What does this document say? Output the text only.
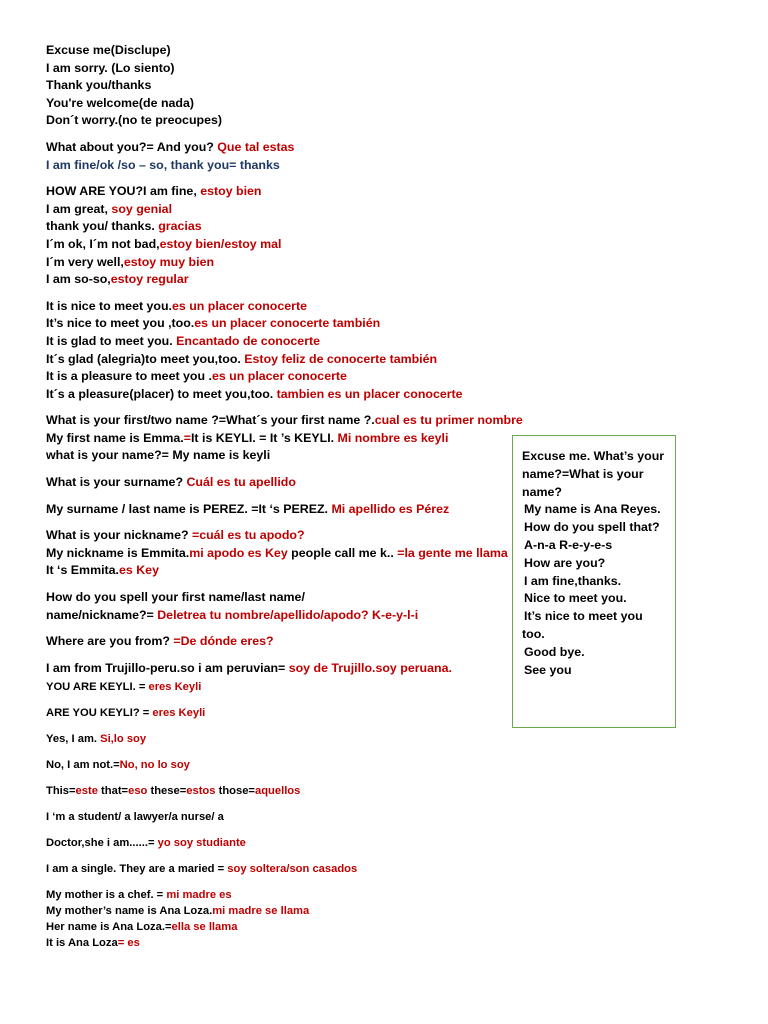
Excuse me(Disclupe)
I am sorry. (Lo siento)
Thank you/thanks
You're welcome(de nada)
Don´t worry.(no te preocupes)
What about you?= And you? Que tal estas
I am fine/ok /so – so, thank you= thanks
HOW ARE YOU?I am fine, estoy bien
I am great, soy genial
thank you/ thanks. gracias
I´m ok, I´m not bad,estoy bien/estoy mal
I´m very well,estoy muy bien
I am so-so,estoy regular
It is nice to meet you.es un placer conocerte
It’s nice to meet you ,too.es un placer conocerte también
It is glad to meet you. Encantado de conocerte
It´s glad (alegria)to meet you,too. Estoy feliz de conocerte también
It is a pleasure to meet you .es un placer conocerte
It´s a pleasure(placer) to meet you,too. tambien es un placer conocerte
What is your first/two name ?=What´s your first name ?.cual es tu primer nombre
My first name is Emma.=It is KEYLI. = It ’s KEYLI. Mi nombre es keyli
what is your name?= My name is keyli
What is your surname? Cuál es tu apellido
My surname / last name is PEREZ. =It ‘s PEREZ. Mi apellido es Pérez
What is your nickname? =cuál es tu apodo?
My nickname is Emmita.mi apodo es Key people call me k.. =la gente me llama
It ‘s Emmita.es Key
How do you spell your first name/last name/
name/nickname?= Deletrea tu nombre/apellido/apodo? K-e-y-l-i
Where are you from? =De dónde eres?
I am from Trujillo-peru.so i am peruvian= soy de Trujillo.soy peruana.
YOU ARE KEYLI. = eres Keyli
ARE YOU KEYLI? = eres Keyli
Yes, I am. Si,lo soy
No, I am not.=No, no lo soy
This=este that=eso these=estos those=aquellos
I ‘m a student/ a lawyer/a nurse/ a
Doctor,she i am......= yo soy studiante
I am a single. They are a maried = soy soltera/son casados
My mother is a chef. = mi madre es
My mother’s name is Ana Loza.mi madre se llama
Her name is Ana Loza.=ella se llama
It is Ana Loza= es
Excuse me. What’s your name?=What is your name?
My name is Ana Reyes.
How do you spell that?
A-n-a R-e-y-e-s
How are you?
I am fine,thanks.
Nice to meet you.
It’s nice to meet you too.
Good bye.
See you
